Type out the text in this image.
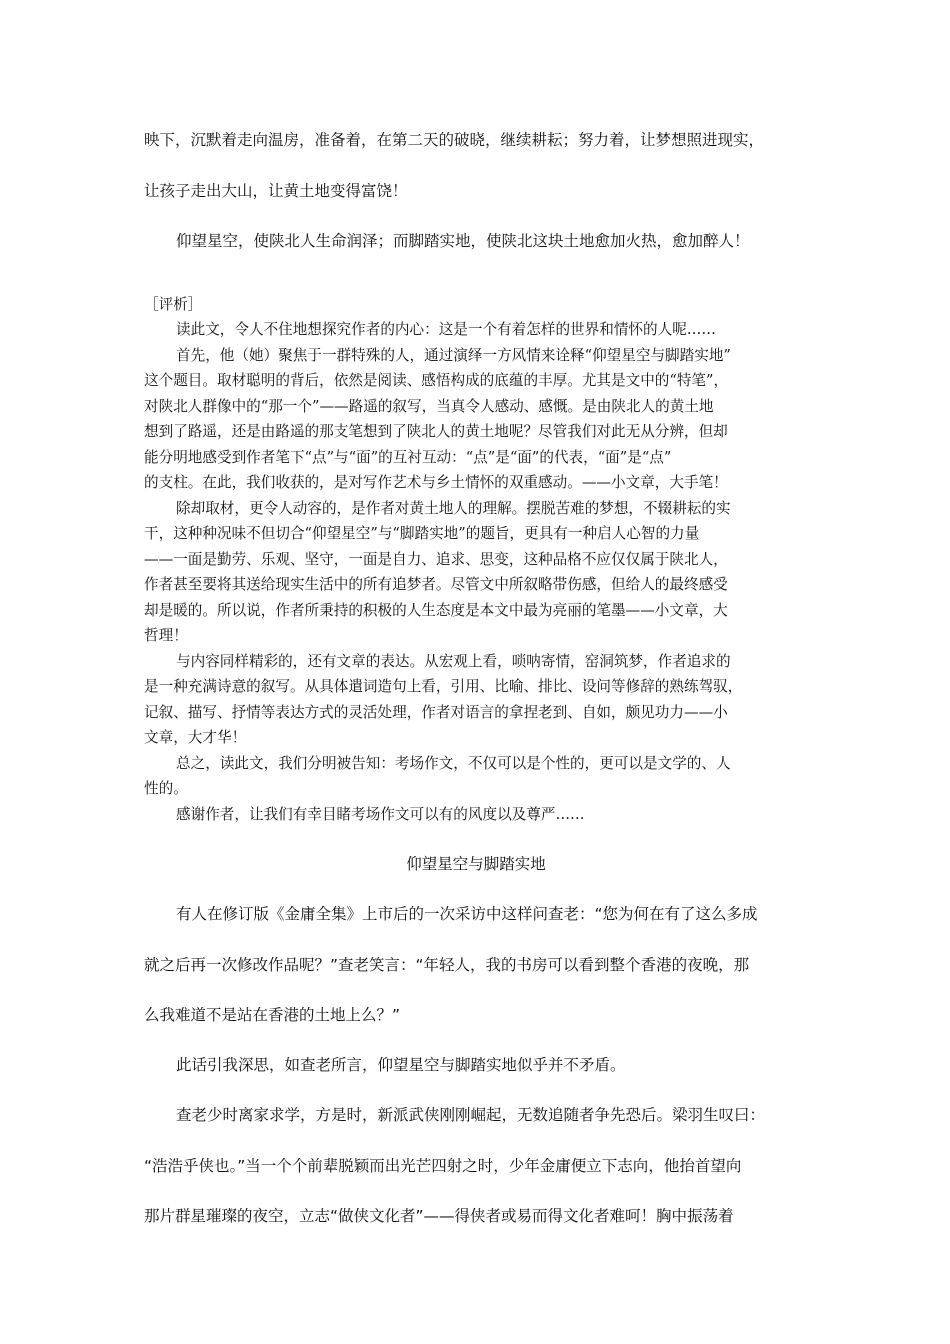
映下，沉默着走向温房，准备着，在第二天的破晓，继续耕耘；努力着，让梦想照进现实，
让孩子走出大山，让黄土地变得富饶！
仰望星空，使陕北人生命润泽；而脚踏实地，使陕北这块土地愈加火热，愈加醉人！
［评析］
读此文，令人不住地想探究作者的内心：这是一个有着怎样的世界和情怀的人呢……
首先，他（她）聚焦于一群特殊的人，通过演绎一方风情来诠释“仰望星空与脚踏实地”
这个题目。取材聪明的背后，依然是阅读、感悟构成的底蕴的丰厚。尤其是文中的“特笔”，
对陕北人群像中的“那一个”——路遥的叙写，当真令人感动、感慨。是由陕北人的黄土地
想到了路遥，还是由路遥的那支笔想到了陕北人的黄土地呢？尽管我们对此无从分辨，但却
能分明地感受到作者笔下“点”与“面”的互衬互动：“点”是“面”的代表，“面”是“点”
的支柱。在此，我们收获的，是对写作艺术与乡土情怀的双重感动。——小文章，大手笔！
除却取材，更令人动容的，是作者对黄土地人的理解。摆脱苦难的梦想，不辍耕耘的实
干，这种种况味不但切合“仰望星空”与“脚踏实地”的题旨，更具有一种启人心智的力量
——一面是勤劳、乐观、坚守，一面是自力、追求、思变，这种品格不应仅仅属于陕北人，
作者甚至要将其送给现实生活中的所有追梦者。尽管文中所叙略带伤感，但给人的最终感受
却是暖的。所以说，作者所秉持的积极的人生态度是本文中最为亮丽的笔墨——小文章，大
哲理！
与内容同样精彩的，还有文章的表达。从宏观上看，唢呐寄情，窑洞筑梦，作者追求的
是一种充满诗意的叙写。从具体遣词造句上看，引用、比喻、排比、设问等修辞的熟练驾驭，
记叙、描写、抒情等表达方式的灵活处理，作者对语言的拿捏老到、自如，颇见功力——小
文章，大才华！
总之，读此文，我们分明被告知：考场作文，不仅可以是个性的，更可以是文学的、人
性的。
感谢作者，让我们有幸目睹考场作文可以有的风度以及尊严……
仰望星空与脚踏实地
有人在修订版《金庸全集》上市后的一次采访中这样问查老：“您为何在有了这么多成
就之后再一次修改作品呢？”查老笑言：“年轻人，我的书房可以看到整个香港的夜晚，那
么我难道不是站在香港的土地上么？”
此话引我深思，如查老所言，仰望星空与脚踏实地似乎并不矛盾。
查老少时离家求学，方是时，新派武侠刚刚崛起，无数追随者争先恐后。梁羽生叹曰：
“浩浩乎侠也。”当一个个前辈脱颖而出光芒四射之时，少年金庸便立下志向，他抬首望向
那片群星璀璨的夜空，立志“做侠文化者”——得侠者或易而得文化者难呵！胸中振荡着
